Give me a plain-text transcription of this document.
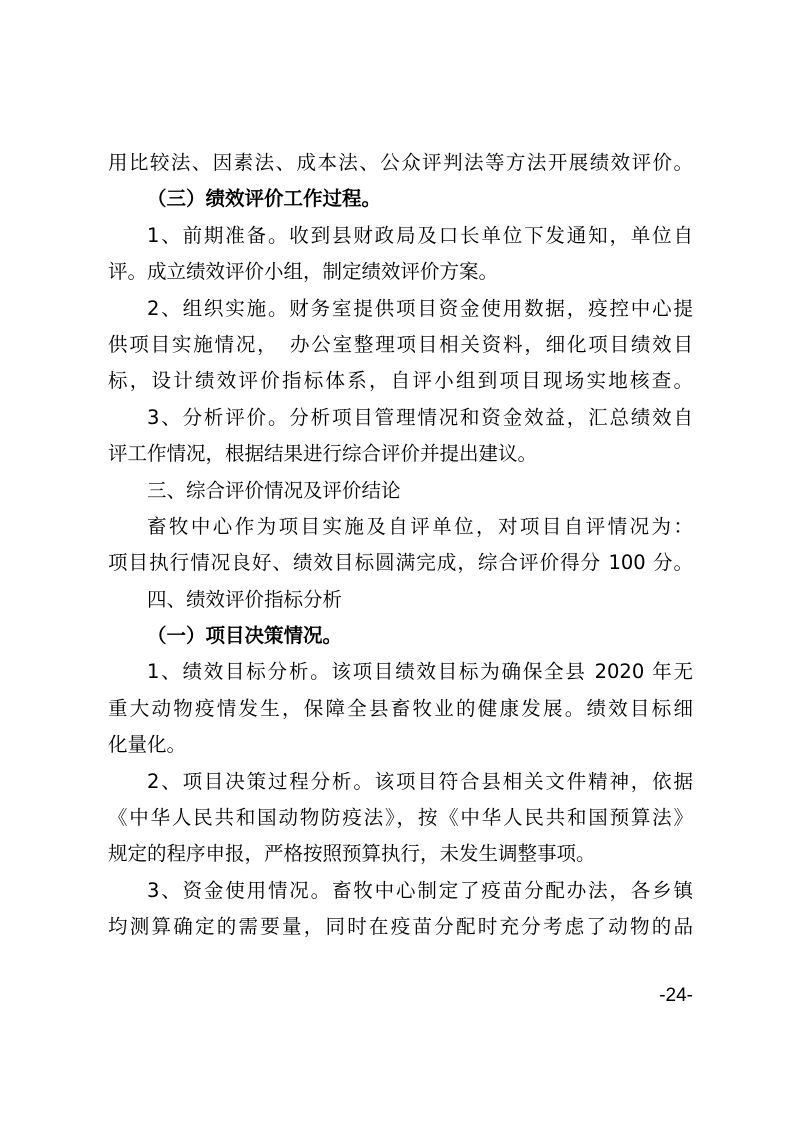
用比较法、因素法、成本法、公众评判法等方法开展绩效评价。
（三）绩效评价工作过程。
1、前期准备。收到县财政局及口长单位下发通知，单位自
评。成立绩效评价小组，制定绩效评价方案。
2、组织实施。财务室提供项目资金使用数据，疫控中心提
供项目实施情况，　办公室整理项目相关资料，细化项目绩效目
标，设计绩效评价指标体系，自评小组到项目现场实地核查。
3、分析评价。分析项目管理情况和资金效益，汇总绩效自
评工作情况，根据结果进行综合评价并提出建议。
三、综合评价情况及评价结论
畜牧中心作为项目实施及自评单位，对项目自评情况为：
项目执行情况良好、绩效目标圆满完成，综合评价得分 100 分。
四、绩效评价指标分析
（一）项目决策情况。
1、绩效目标分析。该项目绩效目标为确保全县 2020 年无
重大动物疫情发生，保障全县畜牧业的健康发展。绩效目标细
化量化。
2、项目决策过程分析。该项目符合县相关文件精神，依据
《中华人民共和国动物防疫法》，按《中华人民共和国预算法》
规定的程序申报，严格按照预算执行，未发生调整事项。
3、资金使用情况。畜牧中心制定了疫苗分配办法，各乡镇
均测算确定的需要量，同时在疫苗分配时充分考虑了动物的品
-24-
